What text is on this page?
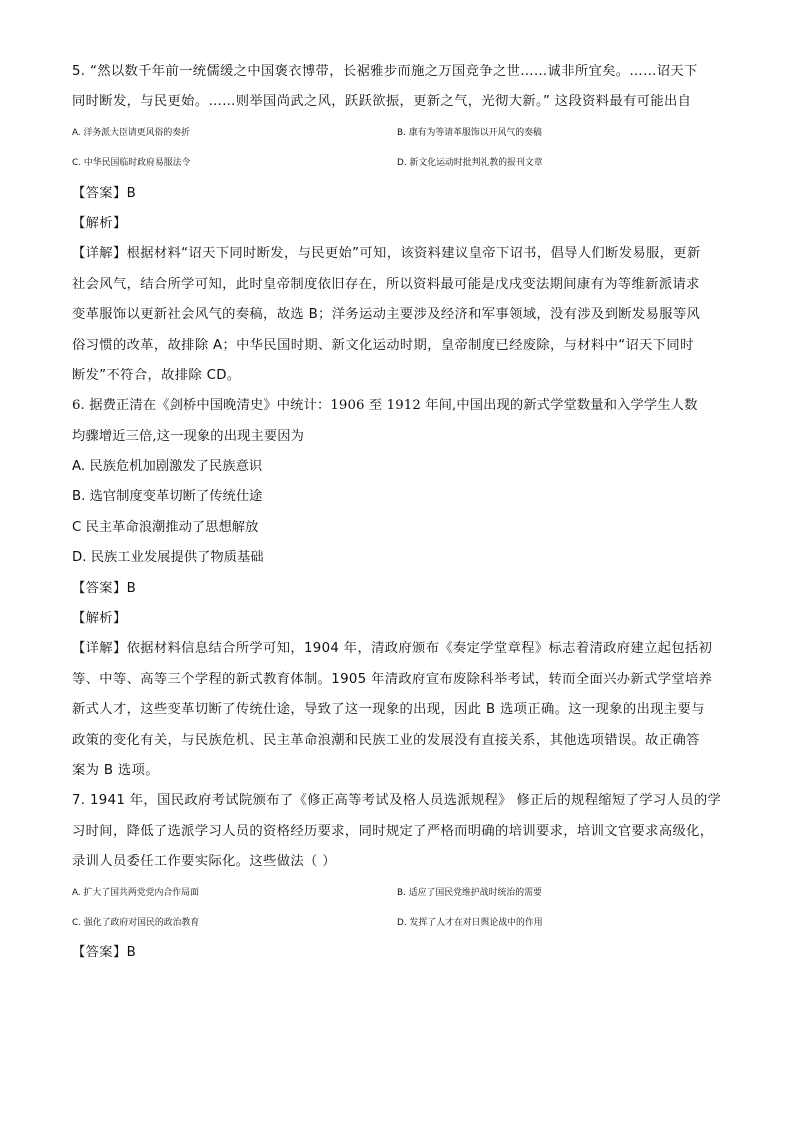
5. “然以数千年前一统儒缓之中国褒衣博带，长裾雅步而施之万国竞争之世……诚非所宜矣。……诏天下
同时断发，与民更始。……则举国尚武之风，跃跃欲振，更新之气，光彻大新。” 这段资料最有可能出自
A. 洋务派大臣请更风俗的奏折	B. 康有为等请革服饰以开风气的奏稿
C. 中华民国临时政府易服法令	D. 新文化运动时批判礼教的报刊文章
【答案】B
【解析】
【详解】根据材料“诏天下同时断发，与民更始”可知，该资料建议皇帝下诏书，倡导人们断发易服，更新
社会风气，结合所学可知，此时皇帝制度依旧存在，所以资料最可能是戊戌变法期间康有为等维新派请求
变革服饰以更新社会风气的奏稿，故选 B；洋务运动主要涉及经济和军事领域，没有涉及到断发易服等风
俗习惯的改革，故排除 A；中华民国时期、新文化运动时期，皇帝制度已经废除，与材料中“诏天下同时
断发”不符合，故排除 CD。
6. 据费正清在《剑桥中国晚清史》中统计：1906 至 1912 年间,中国出现的新式学堂数量和入学学生人数
均骤增近三倍,这一现象的出现主要因为
A. 民族危机加剧激发了民族意识
B. 选官制度变革切断了传统仕途
C 民主革命浪潮推动了思想解放
D. 民族工业发展提供了物质基础
【答案】B
【解析】
【详解】依据材料信息结合所学可知，1904 年，清政府颁布《奏定学堂章程》标志着清政府建立起包括初
等、中等、高等三个学程的新式教育体制。1905 年清政府宣布废除科举考试，转而全面兴办新式学堂培养
新式人才，这些变革切断了传统仕途，导致了这一现象的出现，因此 B 选项正确。这一现象的出现主要与
政策的变化有关，与民族危机、民主革命浪潮和民族工业的发展没有直接关系，其他选项错误。故正确答
案为 B 选项。
7. 1941 年，国民政府考试院颁布了《修正高等考试及格人员选派规程》 修正后的规程缩短了学习人员的学
习时间，降低了选派学习人员的资格经历要求，同时规定了严格而明确的培训要求，培训文官要求高级化，
录训人员委任工作要实际化。这些做法（ ）
A. 扩大了国共两党党内合作局面	B. 适应了国民党维护战时统治的需要
C. 强化了政府对国民的政治教育	D. 发挥了人才在对日舆论战中的作用
【答案】B
